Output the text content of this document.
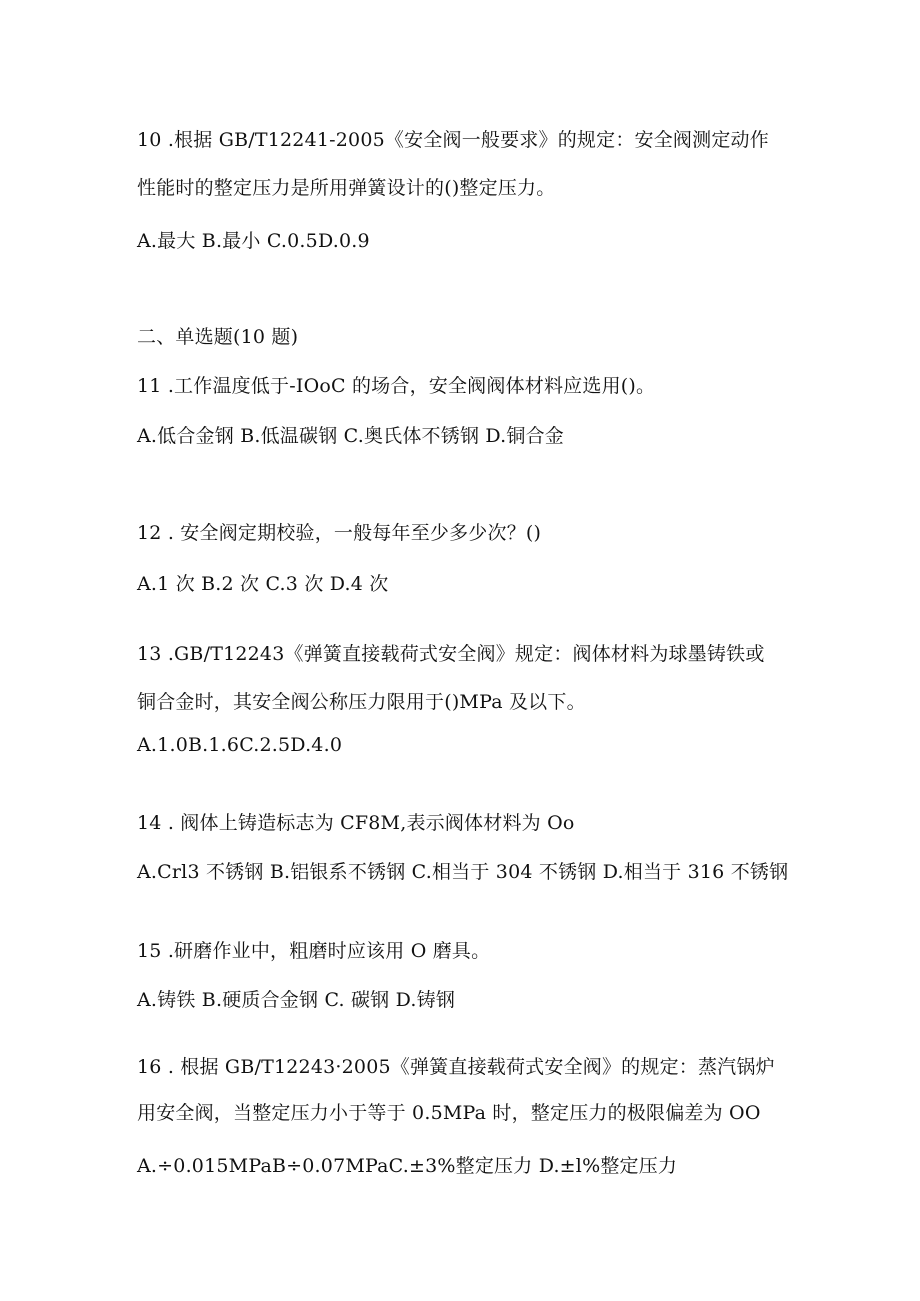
10 .根据 GB/T12241-2005《安全阀一般要求》的规定：安全阀测定动作
性能时的整定压力是所用弹簧设计的()整定压力。
A.最大 B.最小 C.0.5D.0.9
二、单选题(10 题)
11 .工作温度低于-IOoC 的场合，安全阀阀体材料应选用()。
A.低合金钢 B.低温碳钢 C.奥氏体不锈钢 D.铜合金
12 . 安全阀定期校验，一般每年至少多少次？()
A.1 次 B.2 次 C.3 次 D.4 次
13 .GB/T12243《弹簧直接载荷式安全阀》规定：阀体材料为球墨铸铁或
铜合金时，其安全阀公称压力限用于()MPa 及以下。
A.1.0B.1.6C.2.5D.4.0
14 . 阀体上铸造标志为 CF8M,表示阀体材料为 Oo
A.Crl3 不锈钢 B.铝银系不锈钢 C.相当于 304 不锈钢 D.相当于 316 不锈钢
15 .研磨作业中，粗磨时应该用 O 磨具。
A.铸铁 B.硬质合金钢 C. 碳钢 D.铸钢
16 . 根据 GB/T12243·2005《弹簧直接载荷式安全阀》的规定：蒸汽锅炉
用安全阀，当整定压力小于等于 0.5MPa 时，整定压力的极限偏差为 OO
A.÷0.015MPaB÷0.07MPaC.±3%整定压力 D.±l%整定压力
